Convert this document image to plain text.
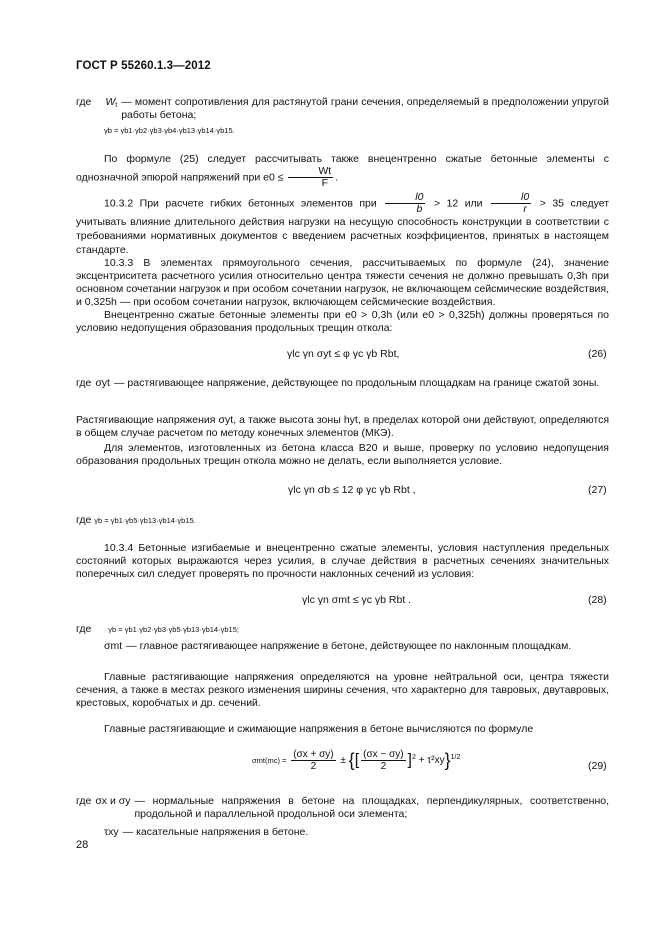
ГОСТ Р 55260.1.3—2012
где	$W_t$ — момент сопротивления для растянутой грани сечения, определяемый в предположении упругой работы бетона;
γb = γb1·γb2·γb3·γb4·γb13·γb14·γb15.
По формуле (25) следует рассчитывать также внецентренно сжатые бетонные элементы с однозначной эпюрой напряжений при $e0 \le \frac{Wt}{F}$ .
10.3.2 При расчете гибких бетонных элементов при $\frac{l0}{b} > 12$ или $\frac{l0}{r} > 35$ следует учитывать влияние длительного действия нагрузки на несущую способность конструкции в соответствии с требованиями нормативных документов с введением расчетных коэффициентов, принятых в настоящем стандарте.
10.3.3 В элементах прямоугольного сечения, рассчитываемых по формуле (24), значение эксцентриситета расчетного усилия относительно центра тяжести сечения не должно превышать 0,3h при основном сочетании нагрузок и при особом сочетании нагрузок, не включающем сейсмические воздействия, и 0,325h — при особом сочетании нагрузок, включающем сейсмические воздействия.
Внецентренно сжатые бетонные элементы при e0 > 0,3h (или e0 > 0,325h) должны проверяться по условию недопущения образования продольных трещин откола:
γlc γn σyt ≤ φ γc γb Rbt,	(26)
где σyt — растягивающее напряжение, действующее по продольным площадкам на границе сжатой зоны.
Растягивающие напряжения σyt, а также высота зоны hyt, в пределах которой они действуют, определяются в общем случае расчетом по методу конечных элементов (МКЭ).
Для элементов, изготовленных из бетона класса В20 и выше, проверку по условию недопущения образования продольных трещин откола можно не делать, если выполняется условие.
γlc γn σb ≤ 12 φ γc γb Rbt ,	(27)
где γb = γb1·γb5·γb13·γb14·γb15.
10.3.4 Бетонные изгибаемые и внецентренно сжатые элементы, условия наступления предельных состояний которых выражаются через усилия, в случае действия в расчетных сечениях значительных поперечных сил следует проверять по прочности наклонных сечений из условия:
γlc γn σmt ≤ γc γb Rbt .	(28)
где γb = γb1·γb2·γb3·γb5·γb13·γb14·γb15;
σmt — главное растягивающее напряжение в бетоне, действующее по наклонным площадкам.
Главные растягивающие напряжения определяются на уровне нейтральной оси, центра тяжести сечения, а также в местах резкого изменения ширины сечения, что характерно для тавровых, двутавровых, крестовых, коробчатых и др. сечений.
Главные растягивающие и сжимающие напряжения в бетоне вычисляются по формуле
$\sigma mt(mc) = \frac{(\sigma x + \sigma y)}{2}$ ± {[ $\frac{(\sigma x - \sigma y)}{2} ]^2 + \tau^2xy\}^{1/2}$
(29)
где σx и σy — нормальные напряжения в бетоне на площадках, перпендикулярных, соответственно, продольной и параллельной продольной оси элемента;
τxy — касательные напряжения в бетоне.
28
